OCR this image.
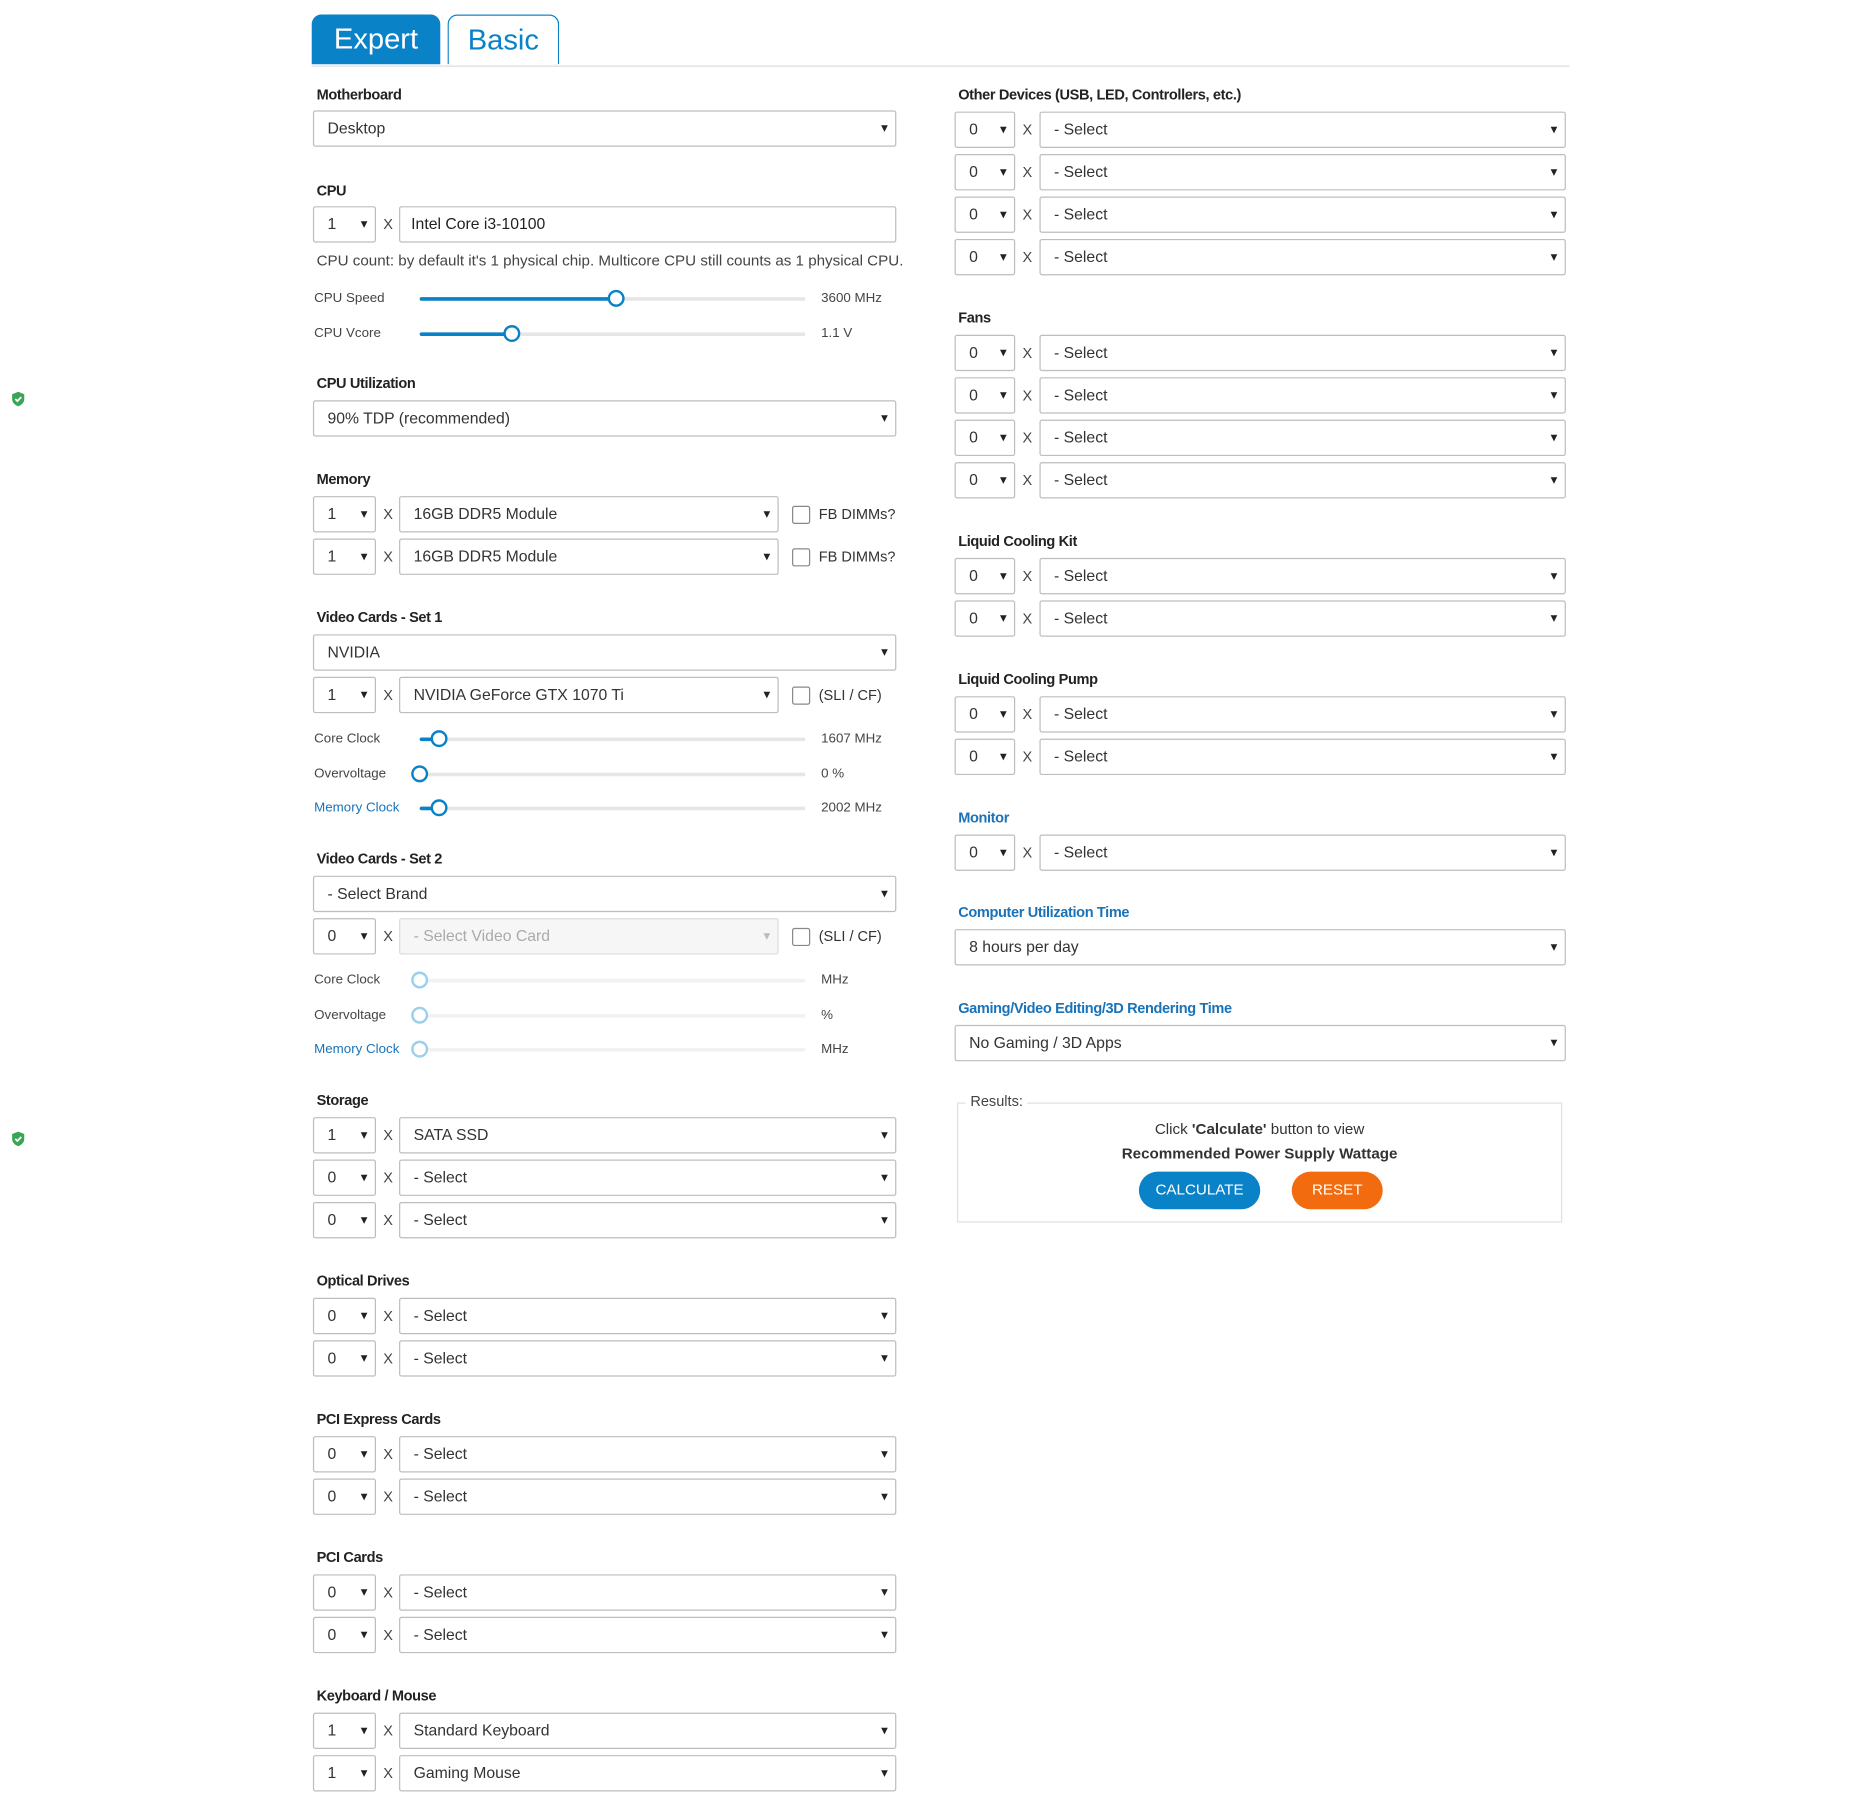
Expert	Basic
Motherboard
Desktop	▾
CPU
1 ▾ X	Intel Core i3-10100
CPU count: by default it's 1 physical chip. Multicore CPU still counts as 1 physical CPU.
CPU Speed	3600 MHz
CPU Vcore	1.1 V
CPU Utilization
90% TDP (recommended)	▾
Memory
1 ▾ X	16GB DDR5 Module	▾	FB DIMMs?
1 ▾ X	16GB DDR5 Module	▾	FB DIMMs?
Video Cards - Set 1
NVIDIA	▾
1 ▾ X	NVIDIA GeForce GTX 1070 Ti	▾	(SLI / CF)
Core Clock	1607 MHz
Overvoltage	0 %
Memory Clock	2002 MHz
Video Cards - Set 2
- Select Brand	▾
0 ▾ X	- Select Video Card	▾	(SLI / CF)
Core Clock	MHz
Overvoltage	%
Memory Clock	MHz
Storage
1 ▾ X	SATA SSD	▾
0 ▾ X	- Select	▾
0 ▾ X	- Select	▾
Optical Drives
0 ▾ X	- Select	▾
0 ▾ X	- Select	▾
PCI Express Cards
0 ▾ X	- Select	▾
0 ▾ X	- Select	▾
PCI Cards
0 ▾ X	- Select	▾
0 ▾ X	- Select	▾
Keyboard / Mouse
1 ▾ X	Standard Keyboard	▾
1 ▾ X	Gaming Mouse	▾
Other Devices (USB, LED, Controllers, etc.)
0 ▾ X	- Select	▾
0 ▾ X	- Select	▾
0 ▾ X	- Select	▾
0 ▾ X	- Select	▾
Fans
0 ▾ X	- Select	▾
0 ▾ X	- Select	▾
0 ▾ X	- Select	▾
0 ▾ X	- Select	▾
Liquid Cooling Kit
0 ▾ X	- Select	▾
0 ▾ X	- Select	▾
Liquid Cooling Pump
0 ▾ X	- Select	▾
0 ▾ X	- Select	▾
Monitor
0 ▾ X	- Select	▾
Computer Utilization Time
8 hours per day	▾
Gaming/Video Editing/3D Rendering Time
No Gaming / 3D Apps	▾
Results:
Click 'Calculate' button to view
Recommended Power Supply Wattage
CALCULATE	RESET
